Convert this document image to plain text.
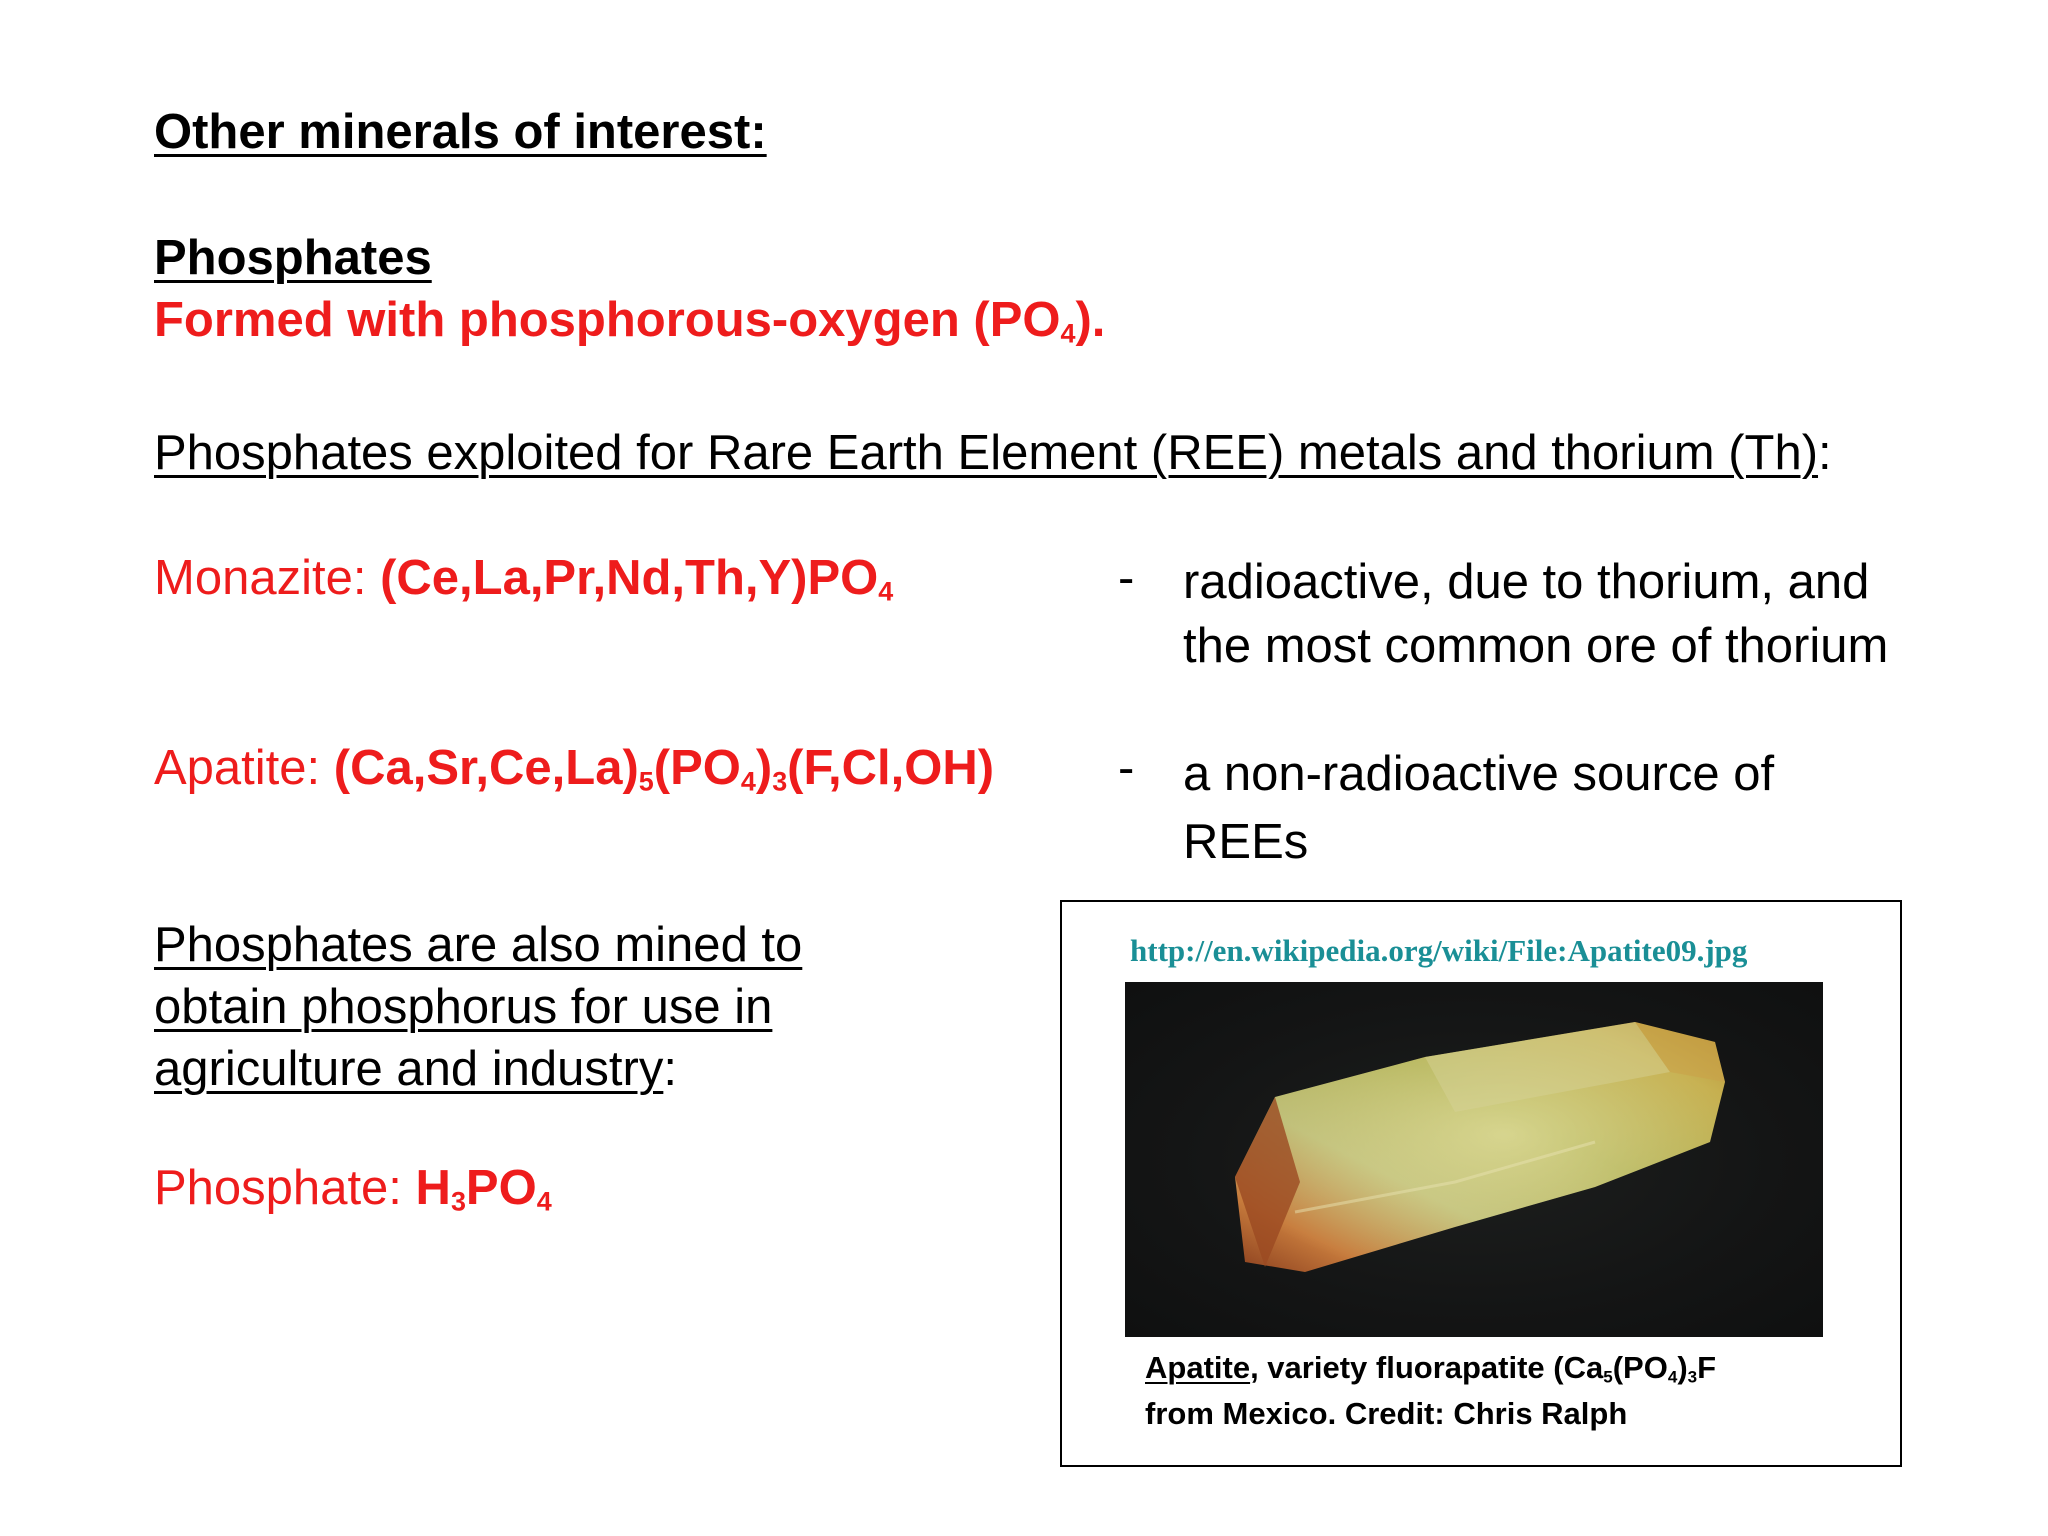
Other minerals of interest:
Phosphates
Formed with phosphorous-oxygen $(PO_4)$.
Phosphates exploited for Rare Earth Element (REE) metals and thorium (Th):
Monazite: $(Ce,La,Pr,Nd,Th,Y)PO_4$	- radioactive, due to thorium, and the most common ore of thorium
Apatite: $(Ca,Sr,Ce,La)_5(PO_4)_3(F,Cl,OH)$	- a non-radioactive source of REEs
Phosphates are also mined to obtain phosphorus for use in agriculture and industry:
Phosphate: $H_3PO_4$
http://en.wikipedia.org/wiki/File:Apatite09.jpg
Apatite, variety fluorapatite ($Ca_5(PO_4)_3F$
from Mexico. Credit: Chris Ralph
